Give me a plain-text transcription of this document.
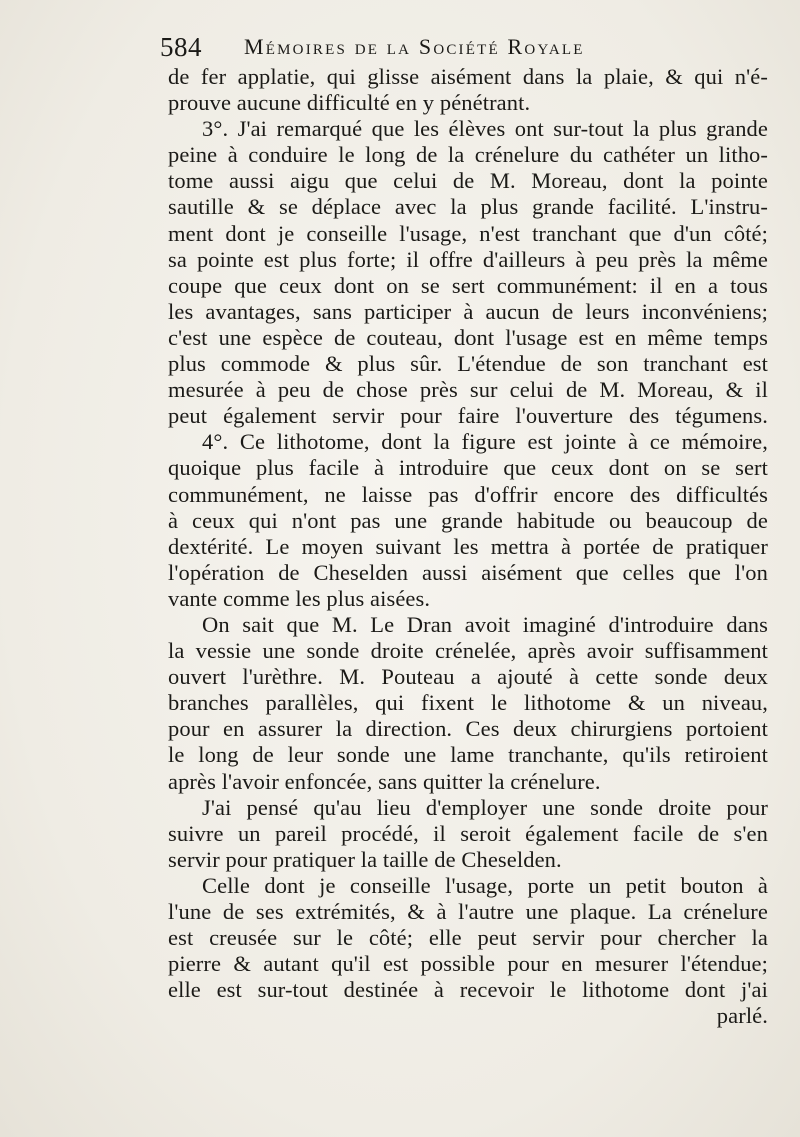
584 Mémoires de la Société Royale
de fer applatie, qui glisse aisément dans la plaie, & qui n'é-
prouve aucune difficulté en y pénétrant.
3°. J'ai remarqué que les élèves ont sur-tout la plus grande
peine à conduire le long de la crénelure du cathéter un litho-
tome aussi aigu que celui de M. Moreau, dont la pointe
sautille & se déplace avec la plus grande facilité. L'instru-
ment dont je conseille l'usage, n'est tranchant que d'un côté;
sa pointe est plus forte; il offre d'ailleurs à peu près la même
coupe que ceux dont on se sert communément: il en a tous
les avantages, sans participer à aucun de leurs inconvéniens;
c'est une espèce de couteau, dont l'usage est en même temps
plus commode & plus sûr. L'étendue de son tranchant est
mesurée à peu de chose près sur celui de M. Moreau, & il
peut également servir pour faire l'ouverture des tégumens.
4°. Ce lithotome, dont la figure est jointe à ce mémoire,
quoique plus facile à introduire que ceux dont on se sert
communément, ne laisse pas d'offrir encore des difficultés
à ceux qui n'ont pas une grande habitude ou beaucoup de
dextérité. Le moyen suivant les mettra à portée de pratiquer
l'opération de Cheselden aussi aisément que celles que l'on
vante comme les plus aisées.
On sait que M. Le Dran avoit imaginé d'introduire dans
la vessie une sonde droite crénelée, après avoir suffisamment
ouvert l'urèthre. M. Pouteau a ajouté à cette sonde deux
branches parallèles, qui fixent le lithotome & un niveau,
pour en assurer la direction. Ces deux chirurgiens portoient
le long de leur sonde une lame tranchante, qu'ils retiroient
après l'avoir enfoncée, sans quitter la crénelure.
J'ai pensé qu'au lieu d'employer une sonde droite pour
suivre un pareil procédé, il seroit également facile de s'en
servir pour pratiquer la taille de Cheselden.
Celle dont je conseille l'usage, porte un petit bouton à
l'une de ses extrémités, & à l'autre une plaque. La crénelure
est creusée sur le côté; elle peut servir pour chercher la
pierre & autant qu'il est possible pour en mesurer l'étendue;
elle est sur-tout destinée à recevoir le lithotome dont j'ai
parlé.
